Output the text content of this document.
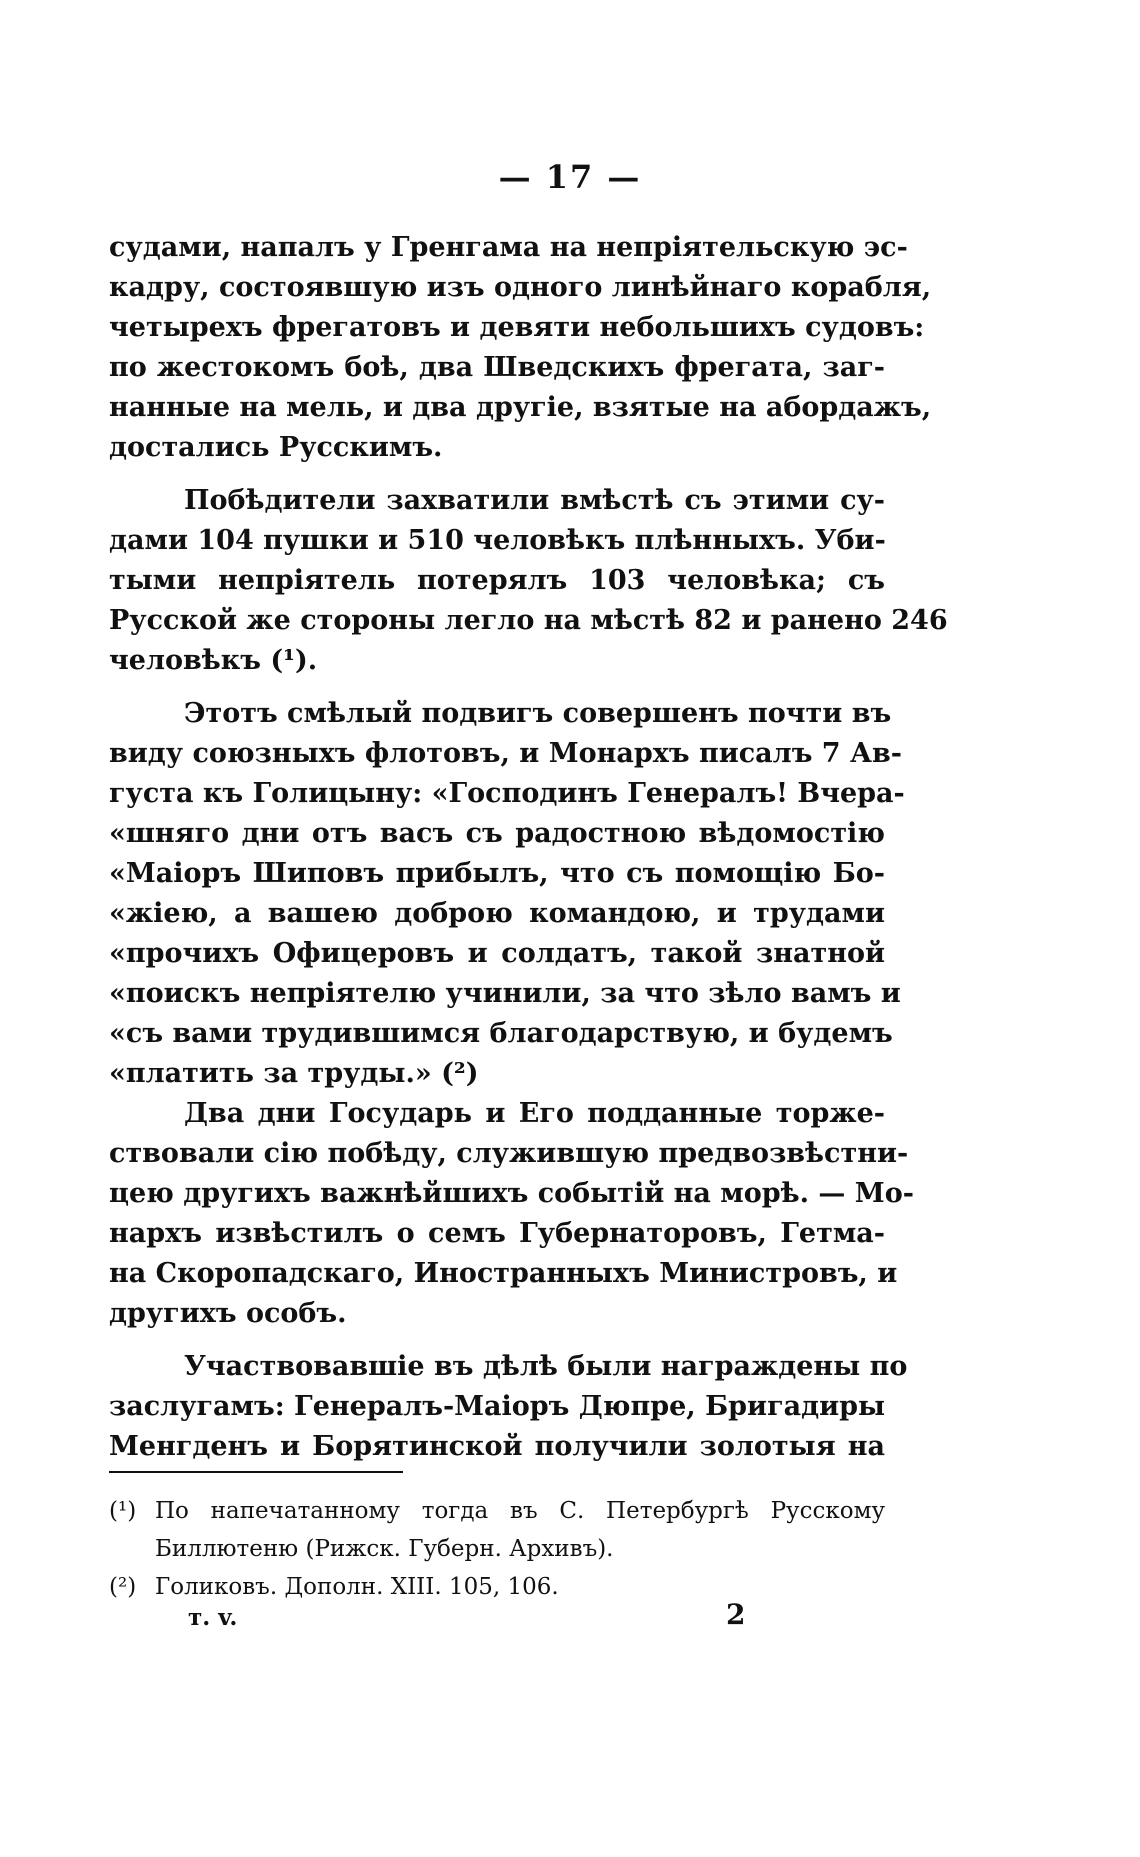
— 17 —
судами, напалъ у Гренгама на непріятельскую эс-
кадру, состоявшую изъ одного линѣйнаго корабля,
четырехъ фрегатовъ и девяти небольшихъ судовъ:
по жестокомъ боѣ, два Шведскихъ фрегата, заг-
нанные на мель, и два другіе, взятые на абордажъ,
достались Русскимъ.
Побѣдители захватили вмѣстѣ съ этими су-
дами 104 пушки и 510 человѣкъ плѣнныхъ. Уби-
тыми непріятель потерялъ 103 человѣка; съ
Русской же стороны легло на мѣстѣ 82 и ранено 246
человѣкъ (¹).
Этотъ смѣлый подвигъ совершенъ почти въ
виду союзныхъ флотовъ, и Монархъ писалъ 7 Ав-
густа къ Голицыну: «Господинъ Генералъ! Вчера-
«шняго дни отъ васъ съ радостною вѣдомостію
«Маіоръ Шиповъ прибылъ, что съ помощію Бо-
«жіею, а вашею доброю командою, и трудами
«прочихъ Офицеровъ и солдатъ, такой знатной
«поискъ непріятелю учинили, за что зѣло вамъ и
«съ вами трудившимся благодарствую, и будемъ
«платить за труды.» (²)
Два дни Государь и Его подданные торже-
ствовали сію побѣду, служившую предвозвѣстни-
цею другихъ важнѣйшихъ событій на морѣ. — Мо-
нархъ извѣстилъ о семъ Губернаторовъ, Гетма-
на Скоропадскаго, Иностранныхъ Министровъ, и
другихъ особъ.
Участвовавшіе въ дѣлѣ были награждены по
заслугамъ: Генералъ-Маіоръ Дюпре, Бригадиры
Менгденъ и Борятинской получили золотыя на
(¹) По напечатанному тогда въ С. Петербургѣ Русскому
Биллютеню (Рижск. Губерн. Архивъ).
(²) Голиковъ. Дополн. XIII. 105, 106.
т. v.	2
